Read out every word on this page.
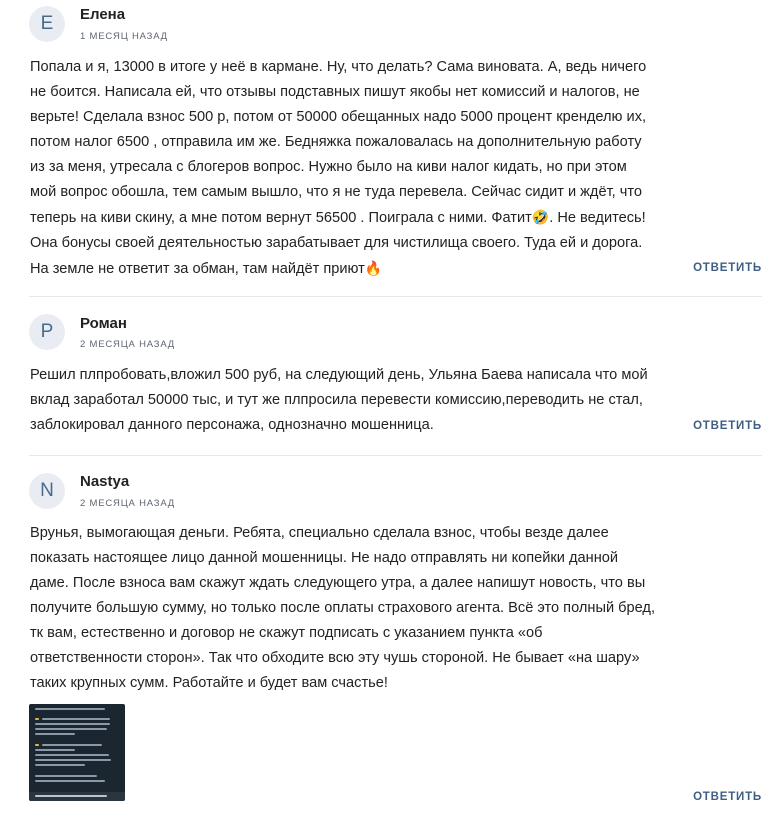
Е	Елена
1 МЕСЯЦ НАЗАД

Попала и я, 13000 в итоге у неё в кармане. Ну, что делать? Сама виновата. А, ведь ничего

не боится. Написала ей, что отзывы подставных пишут якобы нет комиссий и налогов, не

верьте! Сделала взнос 500 р, потом от 50000 обещанных надо 5000 процент кренделю их,

потом налог 6500 , отправила им же. Бедняжка пожаловалась на дополнительную работу

из за меня, утресала с блогеров вопрос. Нужно было на киви налог кидать, но при этом

мой вопрос обошла, тем самым вышло, что я не туда перевела. Сейчас сидит и ждёт, что

теперь на киви скину, а мне потом вернут 56500 . Поиграла с ними. Фатит🤣. Не ведитесь!

Она бонусы своей деятельностью зарабатывает для чистилища своего. Туда ей и дорога.

На земле не ответит за обман, там найдёт приют🔥	ОТВЕТИТЬ
Р	Роман
2 МЕСЯЦА НАЗАД

Решил плпробовать,вложил 500 руб, на следующий день, Ульяна Баева написала что мой

вклад заработал 50000 тыс, и тут же плпросила перевести комиссию,переводить не стал,

заблокировал данного персонажа, однозначно мошенница.	ОТВЕТИТЬ
N	Nastya
2 МЕСЯЦА НАЗАД

Врунья, вымогающая деньги. Ребята, специально сделала взнос, чтобы везде далее

показать настоящее лицо данной мошенницы. Не надо отправлять ни копейки данной

даме. После взноса вам скажут ждать следующего утра, а далее напишут новость, что вы

получите большую сумму, но только после оплаты страхового агента. Всё это полный бред,

тк вам, естественно и договор не скажут подписать с указанием пункта «об

ответственности сторон». Так что обходите всю эту чушь стороной. Не бывает «на шару»

таких крупных сумм. Работайте и будет вам счастье!

ОТВЕТИТЬ
